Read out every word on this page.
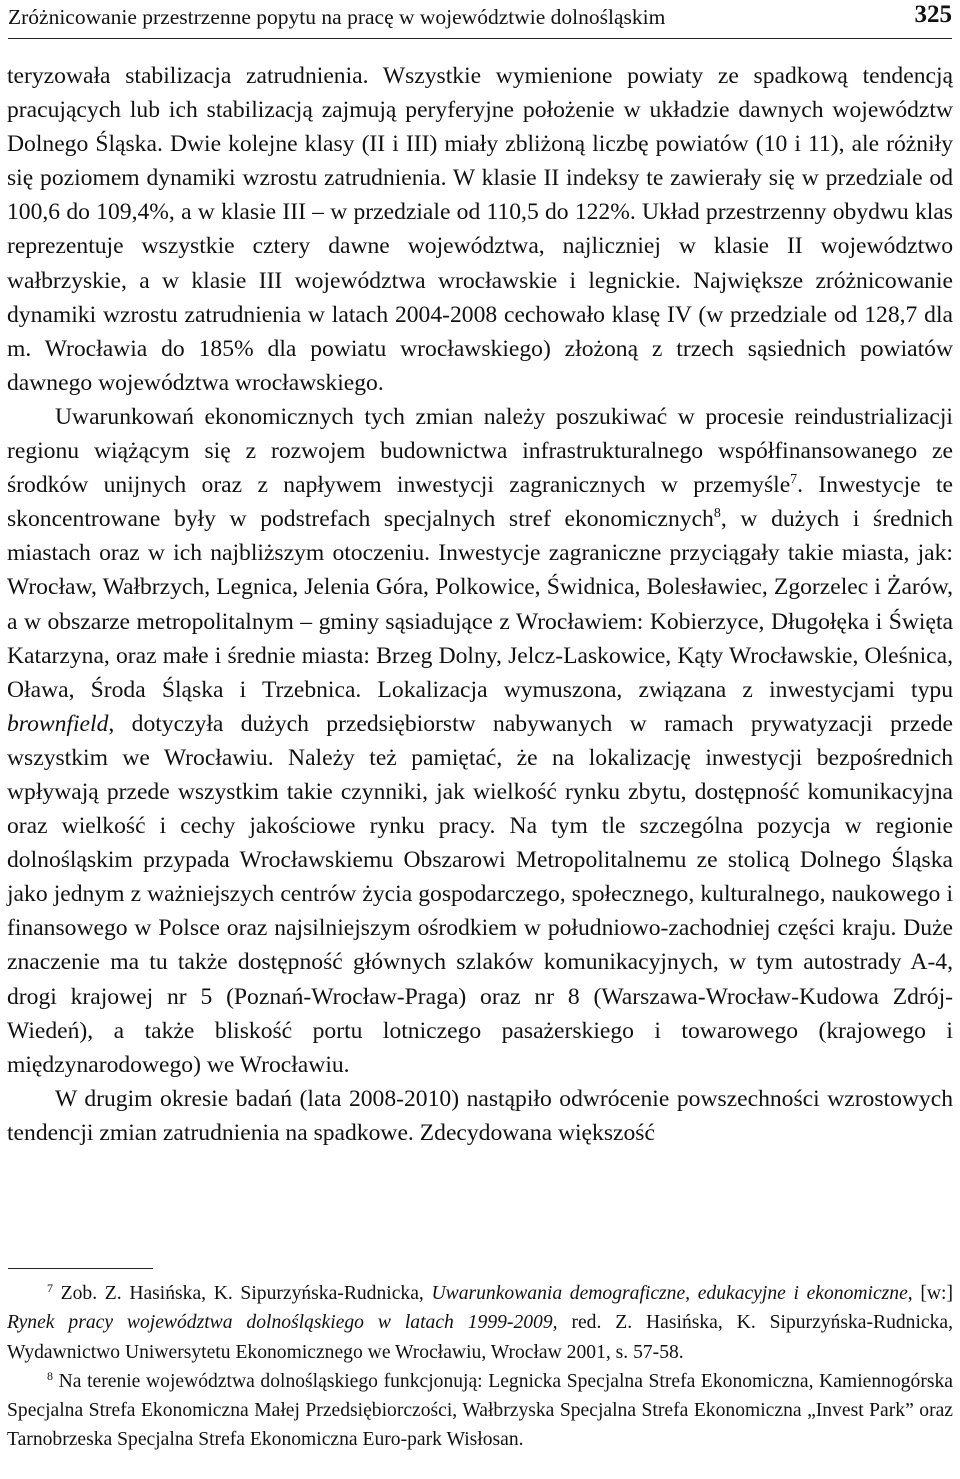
Zróżnicowanie przestrzenne popytu na pracę w województwie dolnośląskim	325

teryzowała stabilizacja zatrudnienia. Wszystkie wymienione powiaty ze spadkową tendencją pracujących lub ich stabilizacją zajmują peryferyjne położenie w układzie dawnych województw Dolnego Śląska. Dwie kolejne klasy (II i III) miały zbliżoną liczbę powiatów (10 i 11), ale różniły się poziomem dynamiki wzrostu zatrudnienia. W klasie II indeksy te zawierały się w przedziale od 100,6 do 109,4%, a w klasie III – w przedziale od 110,5 do 122%. Układ przestrzenny obydwu klas reprezentuje wszystkie cztery dawne województwa, najliczniej w klasie II województwo wałbrzyskie, a w klasie III województwa wrocławskie i legnickie. Największe zróżnicowanie dynamiki wzrostu zatrudnienia w latach 2004-2008 cechowało klasę IV (w przedziale od 128,7 dla m. Wrocławia do 185% dla powiatu wrocławskiego) złożoną z trzech sąsiednich powiatów dawnego województwa wrocławskiego.

Uwarunkowań ekonomicznych tych zmian należy poszukiwać w procesie reindustrializacji regionu wiążącym się z rozwojem budownictwa infrastrukturalnego współfinansowanego ze środków unijnych oraz z napływem inwestycji zagranicznych w przemyśle$^7$. Inwestycje te skoncentrowane były w podstrefach specjalnych stref ekonomicznych$^8$, w dużych i średnich miastach oraz w ich najbliższym otoczeniu. Inwestycje zagraniczne przyciągały takie miasta, jak: Wrocław, Wałbrzych, Legnica, Jelenia Góra, Polkowice, Świdnica, Bolesławiec, Zgorzelec i Żarów, a w obszarze metropolitalnym – gminy sąsiadujące z Wrocławiem: Kobierzyce, Długołęka i Święta Katarzyna, oraz małe i średnie miasta: Brzeg Dolny, Jelcz-Laskowice, Kąty Wrocławskie, Oleśnica, Oława, Środa Śląska i Trzebnica. Lokalizacja wymuszona, związana z inwestycjami typu brownfield, dotyczyła dużych przedsiębiorstw nabywanych w ramach prywatyzacji przede wszystkim we Wrocławiu. Należy też pamiętać, że na lokalizację inwestycji bezpośrednich wpływają przede wszystkim takie czynniki, jak wielkość rynku zbytu, dostępność komunikacyjna oraz wielkość i cechy jakościowe rynku pracy. Na tym tle szczególna pozycja w regionie dolnośląskim przypada Wrocławskiemu Obszarowi Metropolitalnemu ze stolicą Dolnego Śląska jako jednym z ważniejszych centrów życia gospodarczego, społecznego, kulturalnego, naukowego i finansowego w Polsce oraz najsilniejszym ośrodkiem w południowo-zachodniej części kraju. Duże znaczenie ma tu także dostępność głównych szlaków komunikacyjnych, w tym autostrady A-4, drogi krajowej nr 5 (Poznań-Wrocław-Praga) oraz nr 8 (Warszawa-Wrocław-Kudowa Zdrój-Wiedeń), a także bliskość portu lotniczego pasażerskiego i towarowego (krajowego i międzynarodowego) we Wrocławiu.

W drugim okresie badań (lata 2008-2010) nastąpiło odwrócenie powszechności wzrostowych tendencji zmian zatrudnienia na spadkowe. Zdecydowana większość

$^7$ Zob. Z. Hasińska, K. Sipurzyńska-Rudnicka, Uwarunkowania demograficzne, edukacyjne i ekonomiczne, [w:] Rynek pracy województwa dolnośląskiego w latach 1999-2009, red. Z. Hasińska, K. Sipurzyńska-Rudnicka, Wydawnictwo Uniwersytetu Ekonomicznego we Wrocławiu, Wrocław 2001, s. 57-58.

$^8$ Na terenie województwa dolnośląskiego funkcjonują: Legnicka Specjalna Strefa Ekonomiczna, Kamiennogórska Specjalna Strefa Ekonomiczna Małej Przedsiębiorczości, Wałbrzyska Specjalna Strefa Ekonomiczna „Invest Park” oraz Tarnobrzeska Specjalna Strefa Ekonomiczna Euro-park Wisłosan.
